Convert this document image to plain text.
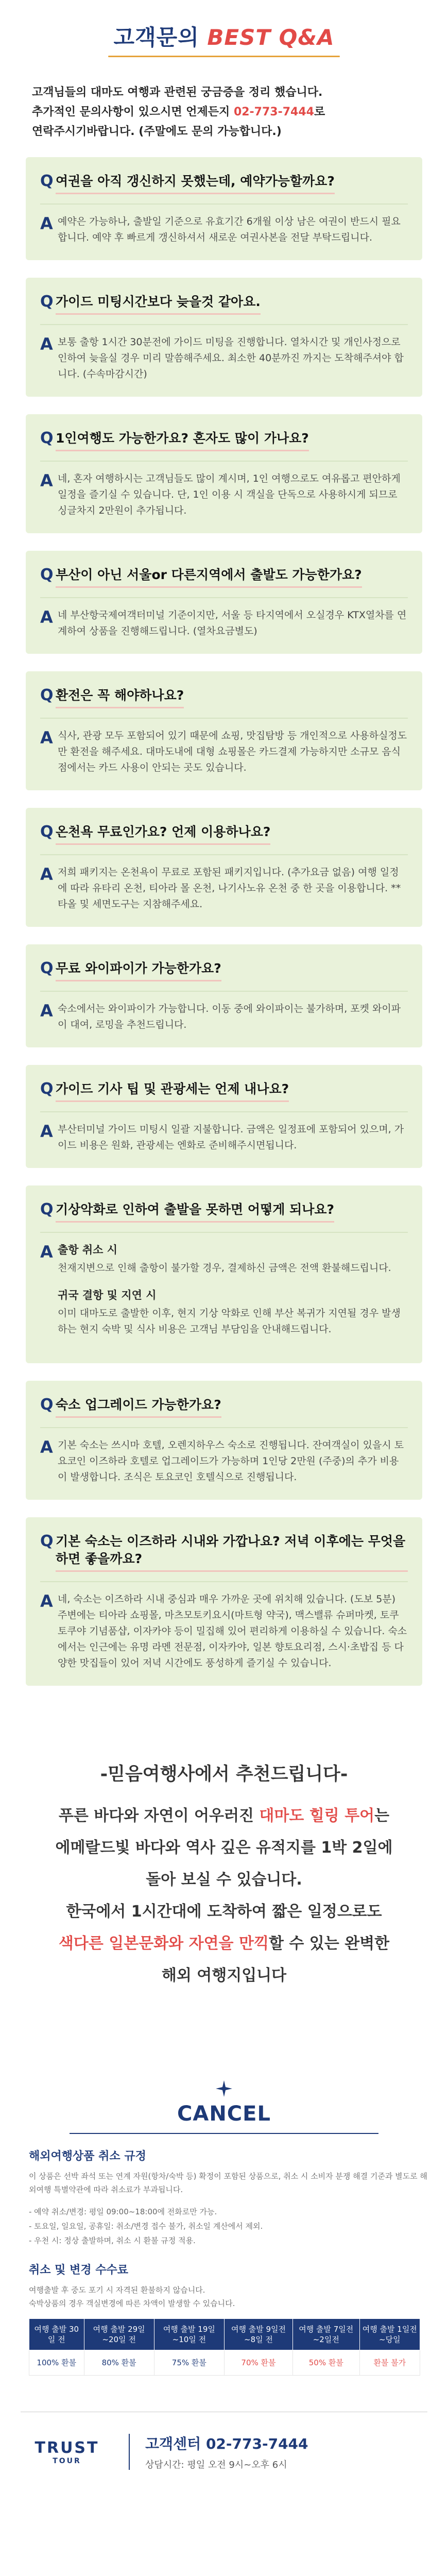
고객문의 BEST Q&A
고객님들의 대마도 여행과 관련된 궁금증을 정리 했습니다.
추가적인 문의사항이 있으시면 언제든지 02-773-7444로
연락주시기바랍니다. (주말에도 문의 가능합니다.)
Q 여권을 아직 갱신하지 못했는데, 예약가능할까요?
A 예약은 가능하나, 출발일 기준으로 유효기간 6개월 이상 남은 여권이 반드시 필요합니다. 예약 후 빠르게 갱신하셔서 새로운 여권사본을 전달 부탁드립니다.
Q 가이드 미팅시간보다 늦을것 같아요.
A 보통 출항 1시간 30분전에 가이드 미팅을 진행합니다. 열차시간 및 개인사정으로 인하여 늦을실 경우 미리 말씀해주세요. 최소한 40분까진 까지는 도착해주셔야 합니다. (수속마감시간)
Q 1인여행도 가능한가요? 혼자도 많이 가나요?
A 네, 혼자 여행하시는 고객님들도 많이 계시며, 1인 여행으로도 여유롭고 편안하게 일정을 즐기실 수 있습니다. 단, 1인 이용 시 객실을 단독으로 사용하시게 되므로 싱글차지 2만원이 추가됩니다.
Q 부산이 아닌 서울or 다른지역에서 출발도 가능한가요?
A 네 부산항국제여객터미널 기준이지만, 서울 등 타지역에서 오실경우 KTX열차를 연계하여 상품을 진행해드립니다. (열차요금별도)
Q 환전은 꼭 해야하나요?
A 식사, 관광 모두 포함되어 있기 때문에 쇼핑, 맛집탐방 등 개인적으로 사용하실정도만 환전을 해주세요. 대마도내에 대형 쇼핑몰은 카드결제 가능하지만 소규모 음식점에서는 카드 사용이 안되는 곳도 있습니다.
Q 온천욕 무료인가요? 언제 이용하나요?
A 저희 패키지는 온천욕이 무료로 포함된 패키지입니다. (추가요금 없음) 여행 일정에 따라 유타리 온천, 티아라 몰 온천, 나기사노유 온천 중 한 곳을 이용합니다. **타올 및 세면도구는 지참해주세요.
Q 무료 와이파이가 가능한가요?
A 숙소에서는 와이파이가 가능합니다. 이동 중에 와이파이는 불가하며, 포켓 와이파이 대여, 로밍을 추천드립니다.
Q 가이드 기사 팁 및 관광세는 언제 내나요?
A 부산터미널 가이드 미팅시 일괄 지불합니다. 금액은 일정표에 포함되어 있으며, 가이드 비용은 원화, 관광세는 엔화로 준비해주시면됩니다.
Q 기상악화로 인하여 출발을 못하면 어떻게 되나요?
A 출항 취소 시
천재지변으로 인해 출항이 불가할 경우, 결제하신 금액은 전액 환불해드립니다.
귀국 결항 및 지연 시
이미 대마도로 출발한 이후, 현지 기상 악화로 인해 부산 복귀가 지연될 경우 발생하는 현지 숙박 및 식사 비용은 고객님 부담임을 안내해드립니다.
Q 숙소 업그레이드 가능한가요?
A 기본 숙소는 쓰시마 호텔, 오렌지하우스 숙소로 진행됩니다. 잔여객실이 있을시 토요코인 이즈하라 호텔로 업그레이드가 가능하며 1인당 2만원 (주중)의 추가 비용이 발생합니다. 조식은 토요코인 호텔식으로 진행됩니다.
Q 기본 숙소는 이즈하라 시내와 가깝나요? 저녁 이후에는 무엇을 하면 좋을까요?
A 네, 숙소는 이즈하라 시내 중심과 매우 가까운 곳에 위치해 있습니다. (도보 5분) 주변에는 티아라 쇼핑몰, 마츠모토키요시(마트형 약국), 맥스밸류 슈퍼마켓, 토쿠토쿠야 기념품샵, 이자카야 등이 밀집해 있어 편리하게 이용하실 수 있습니다. 숙소에서는 인근에는 유명 라멘 전문점, 이자카야, 일본 향토요리점, 스시·초밥집 등 다양한 맛집들이 있어 저녁 시간에도 풍성하게 즐기실 수 있습니다.
-믿음여행사에서 추천드립니다-
푸른 바다와 자연이 어우러진 대마도 힐링 투어는
에메랄드빛 바다와 역사 깊은 유적지를 1박 2일에
돌아 보실 수 있습니다.
한국에서 1시간대에 도착하여 짧은 일정으로도
색다른 일본문화와 자연을 만끽할 수 있는 완벽한
해외 여행지입니다
CANCEL
해외여행상품 취소 규정
이 상품은 선박 좌석 또는 연계 자원(항차/숙박 등) 확정이 포함된 상품으로, 취소 시 소비자 분쟁 해결 기준과 별도로 해외여행 특별약관에 따라 취소료가 부과됩니다.
- 예약 취소/변경: 평일 09:00~18:00에 전화로만 가능.
- 토요일, 일요일, 공휴일: 취소/변경 접수 불가, 취소일 계산에서 제외.
- 우천 시: 정상 출발하며, 취소 시 환불 규정 적용.
취소 및 변경 수수료
여행출발 후 중도 포기 시 자격된 환불하지 않습니다.
숙박상품의 경우 객실변경에 따른 차액이 발생할 수 있습니다.
여행 출발 30일 전	여행 출발 29일~20일 전	여행 출발 19일~10일 전	여행 출발 9일전~8일 전	여행 출발 7일전~2일전	여행 출발 1일전~당일
100% 환불	80% 환불	75% 환불	70% 환불	50% 환불	환불 불가
TRUST
TOUR
고객센터 02-773-7444
상담시간: 평일 오전 9시~오후 6시
